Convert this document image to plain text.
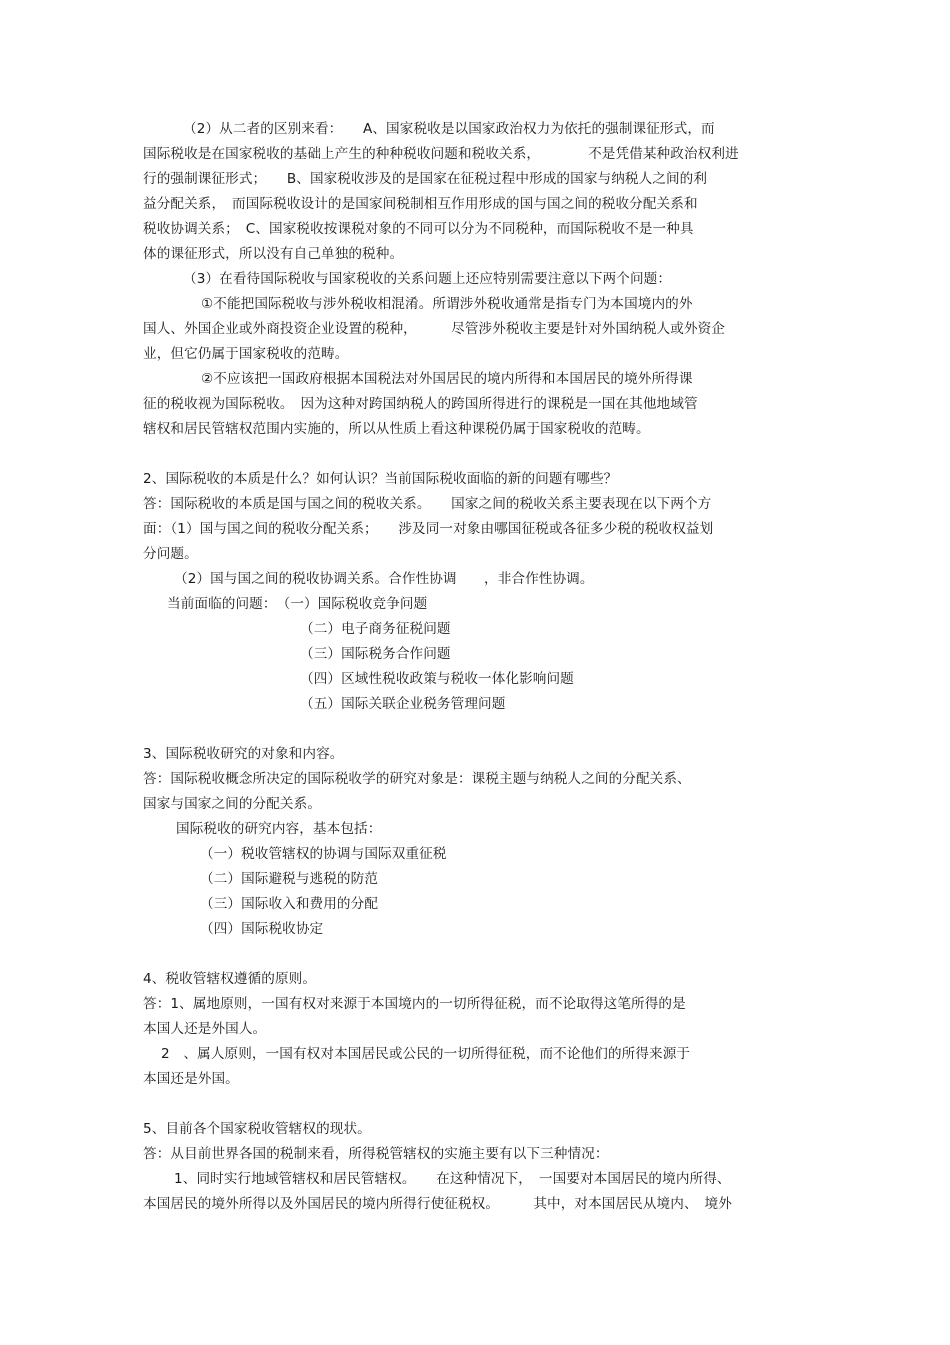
（2）从二者的区别来看：　　A、国家税收是以国家政治权力为依托的强制课征形式，而
国际税收是在国家税收的基础上产生的种种税收问题和税收关系，　　　　不是凭借某种政治权利进
行的强制课征形式；　　B、国家税收涉及的是国家在征税过程中形成的国家与纳税人之间的利
益分配关系，　而国际税收设计的是国家间税制相互作用形成的国与国之间的税收分配关系和
税收协调关系；　C、国家税收按课税对象的不同可以分为不同税种，而国际税收不是一种具
体的课征形式，所以没有自己单独的税种。
（3）在看待国际税收与国家税收的关系问题上还应特别需要注意以下两个问题：
①不能把国际税收与涉外税收相混淆。所谓涉外税收通常是指专门为本国境内的外
国人、外国企业或外商投资企业设置的税种，　　　尽管涉外税收主要是针对外国纳税人或外资企
业，但它仍属于国家税收的范畴。
②不应该把一国政府根据本国税法对外国居民的境内所得和本国居民的境外所得课
征的税收视为国际税收。　因为这种对跨国纳税人的跨国所得进行的课税是一国在其他地域管
辖权和居民管辖权范围内实施的，所以从性质上看这种课税仍属于国家税收的范畴。
2、国际税收的本质是什么？如何认识？当前国际税收面临的新的问题有哪些？
答：国际税收的本质是国与国之间的税收关系。　　国家之间的税收关系主要表现在以下两个方
面：（1）国与国之间的税收分配关系；　　涉及同一对象由哪国征税或各征多少税的税收权益划
分问题。
（2）国与国之间的税收协调关系。合作性协调　　，非合作性协调。
当前面临的问题：　（一）国际税收竞争问题
（二）电子商务征税问题
（三）国际税务合作问题
（四）区域性税收政策与税收一体化影响问题
（五）国际关联企业税务管理问题
3、国际税收研究的对象和内容。
答：国际税收概念所决定的国际税收学的研究对象是：课税主题与纳税人之间的分配关系、
国家与国家之间的分配关系。
国际税收的研究内容，基本包括：
（一）税收管辖权的协调与国际双重征税
（二）国际避税与逃税的防范
（三）国际收入和费用的分配
（四）国际税收协定
4、税收管辖权遵循的原则。
答：1、属地原则，一国有权对来源于本国境内的一切所得征税，而不论取得这笔所得的是
本国人还是外国人。
2　、属人原则，一国有权对本国居民或公民的一切所得征税，而不论他们的所得来源于
本国还是外国。
5、目前各个国家税收管辖权的现状。
答：从目前世界各国的税制来看，所得税管辖权的实施主要有以下三种情况：
1、同时实行地域管辖权和居民管辖权。　　在这种情况下，　一国要对本国居民的境内所得、
本国居民的境外所得以及外国居民的境内所得行使征税权。　　　其中，对本国居民从境内、　境外
